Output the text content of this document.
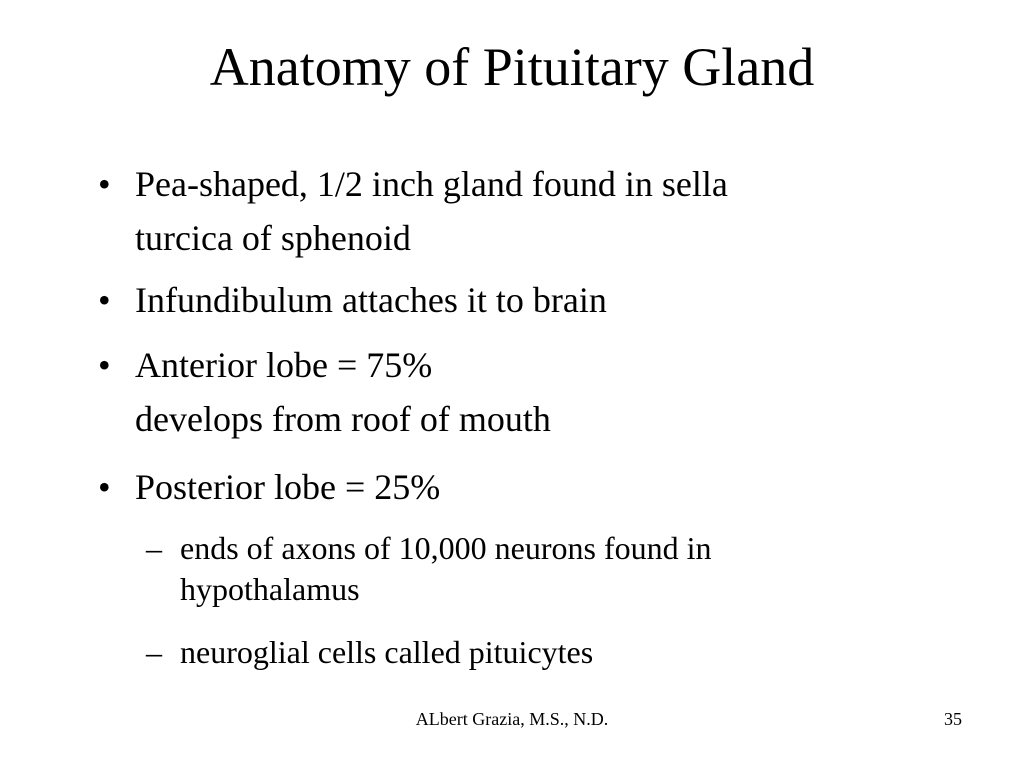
Anatomy of Pituitary Gland
• Pea-shaped, 1/2 inch gland found in sella
turcica of sphenoid
• Infundibulum attaches it to brain
• Anterior lobe = 75%
develops from roof of mouth
• Posterior lobe = 25%
– ends of axons of 10,000 neurons found in
hypothalamus
– neuroglial cells called pituicytes
ALbert Grazia, M.S., N.D.	35
